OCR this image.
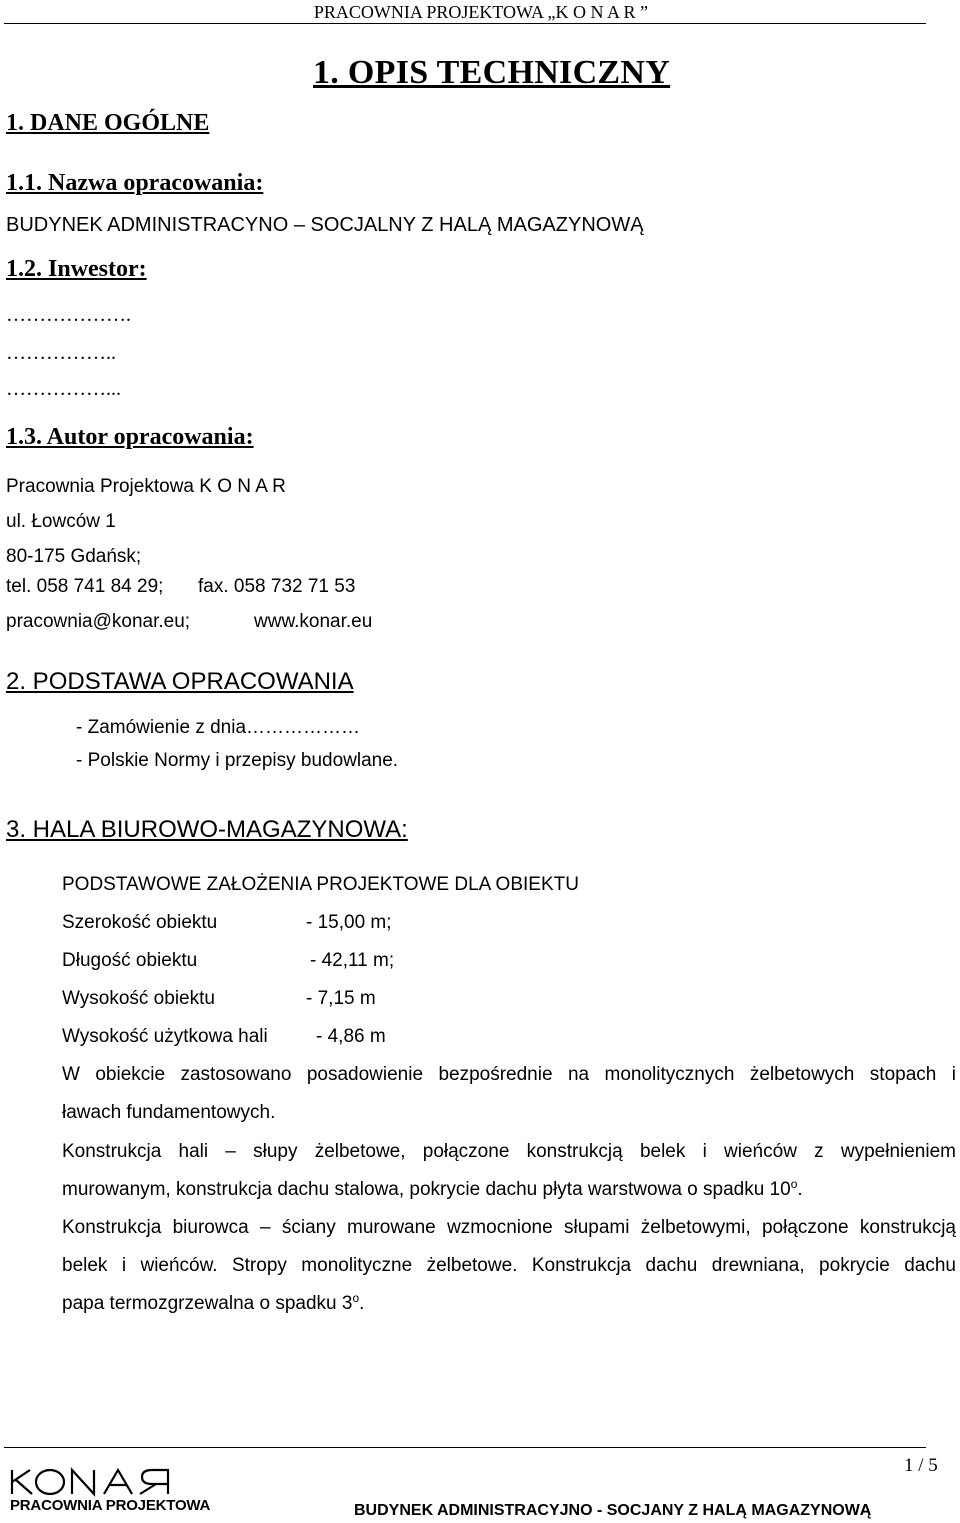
PRACOWNIA PROJEKTOWA „K O N A R ”
1. OPIS TECHNICZNY
1. DANE OGÓLNE
1.1. Nazwa opracowania:
BUDYNEK ADMINISTRACYNO – SOCJALNY Z HALĄ MAGAZYNOWĄ
1.2. Inwestor:
……………….
……………..
……………...
1.3. Autor opracowania:
Pracownia Projektowa K O N A R
ul. Łowców 1
80-175 Gdańsk;
tel. 058 741 84 29; fax. 058 732 71 53
pracownia@konar.eu;	www.konar.eu
2. PODSTAWA OPRACOWANIA
- Zamówienie z dnia………………
- Polskie Normy i przepisy budowlane.
3. HALA BIUROWO-MAGAZYNOWA:
PODSTAWOWE ZAŁOŻENIA PROJEKTOWE DLA OBIEKTU
Szerokość obiektu	- 15,00 m;
Długość obiektu	- 42,11 m;
Wysokość obiektu	- 7,15 m
Wysokość użytkowa hali	- 4,86 m
W obiekcie zastosowano posadowienie bezpośrednie na monolitycznych żelbetowych stopach i
ławach fundamentowych.
Konstrukcja hali – słupy żelbetowe, połączone konstrukcją belek i wieńców z wypełnieniem
murowanym, konstrukcja dachu stalowa, pokrycie dachu płyta warstwowa o spadku 10$^o$.
Konstrukcja biurowca – ściany murowane wzmocnione słupami żelbetowymi, połączone konstrukcją
belek i wieńców. Stropy monolityczne żelbetowe. Konstrukcja dachu drewniana, pokrycie dachu
papa termozgrzewalna o spadku 3$^o$.
1 / 5
PRACOWNIA PROJEKTOWA	BUDYNEK ADMINISTRACYJNO - SOCJANY Z HALĄ MAGAZYNOWĄ
